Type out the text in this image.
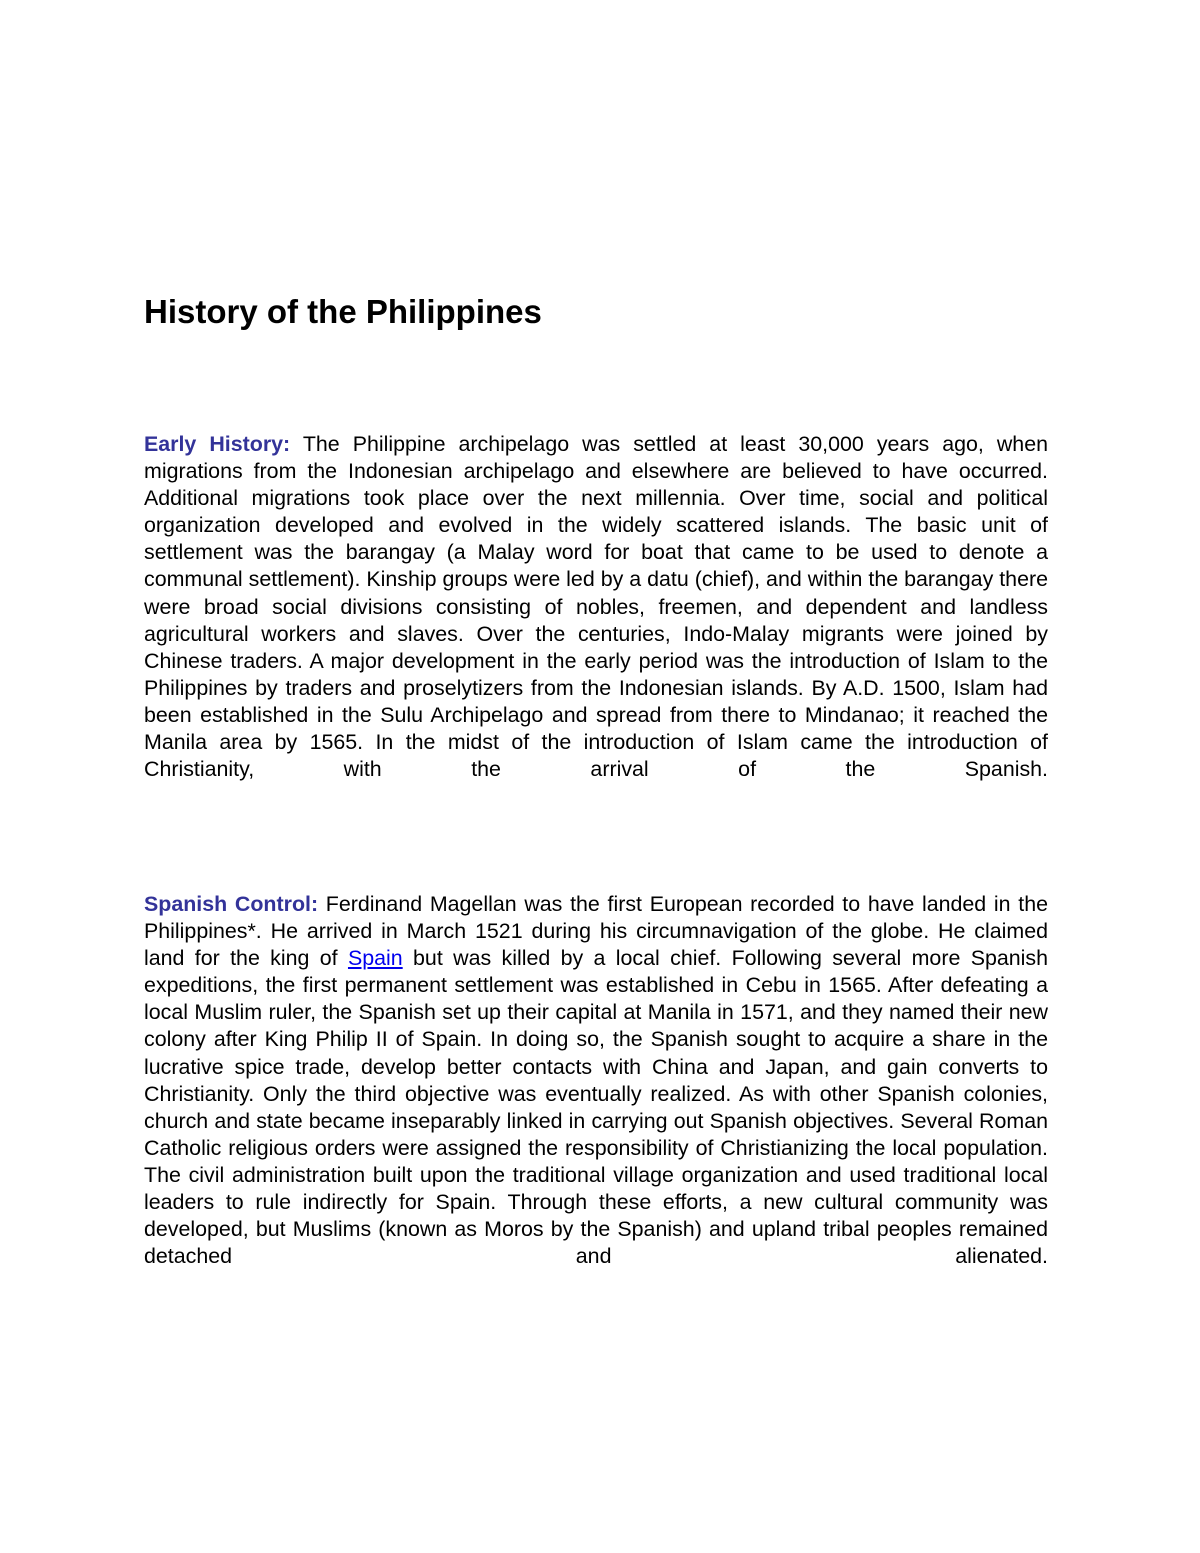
History of the Philippines

Early History: The Philippine archipelago was settled at least 30,000 years ago, when migrations from the Indonesian archipelago and elsewhere are believed to have occurred. Additional migrations took place over the next millennia. Over time, social and political organization developed and evolved in the widely scattered islands. The basic unit of settlement was the barangay (a Malay word for boat that came to be used to denote a communal settlement). Kinship groups were led by a datu (chief), and within the barangay there were broad social divisions consisting of nobles, freemen, and dependent and landless agricultural workers and slaves. Over the centuries, Indo-Malay migrants were joined by Chinese traders. A major development in the early period was the introduction of Islam to the Philippines by traders and proselytizers from the Indonesian islands. By A.D. 1500, Islam had been established in the Sulu Archipelago and spread from there to Mindanao; it reached the Manila area by 1565. In the midst of the introduction of Islam came the introduction of Christianity, with the arrival of the Spanish.

Spanish Control: Ferdinand Magellan was the first European recorded to have landed in the Philippines*. He arrived in March 1521 during his circumnavigation of the globe. He claimed land for the king of Spain but was killed by a local chief. Following several more Spanish expeditions, the first permanent settlement was established in Cebu in 1565. After defeating a local Muslim ruler, the Spanish set up their capital at Manila in 1571, and they named their new colony after King Philip II of Spain. In doing so, the Spanish sought to acquire a share in the lucrative spice trade, develop better contacts with China and Japan, and gain converts to Christianity. Only the third objective was eventually realized. As with other Spanish colonies, church and state became inseparably linked in carrying out Spanish objectives. Several Roman Catholic religious orders were assigned the responsibility of Christianizing the local population. The civil administration built upon the traditional village organization and used traditional local leaders to rule indirectly for Spain. Through these efforts, a new cultural community was developed, but Muslims (known as Moros by the Spanish) and upland tribal peoples remained detached and alienated.
